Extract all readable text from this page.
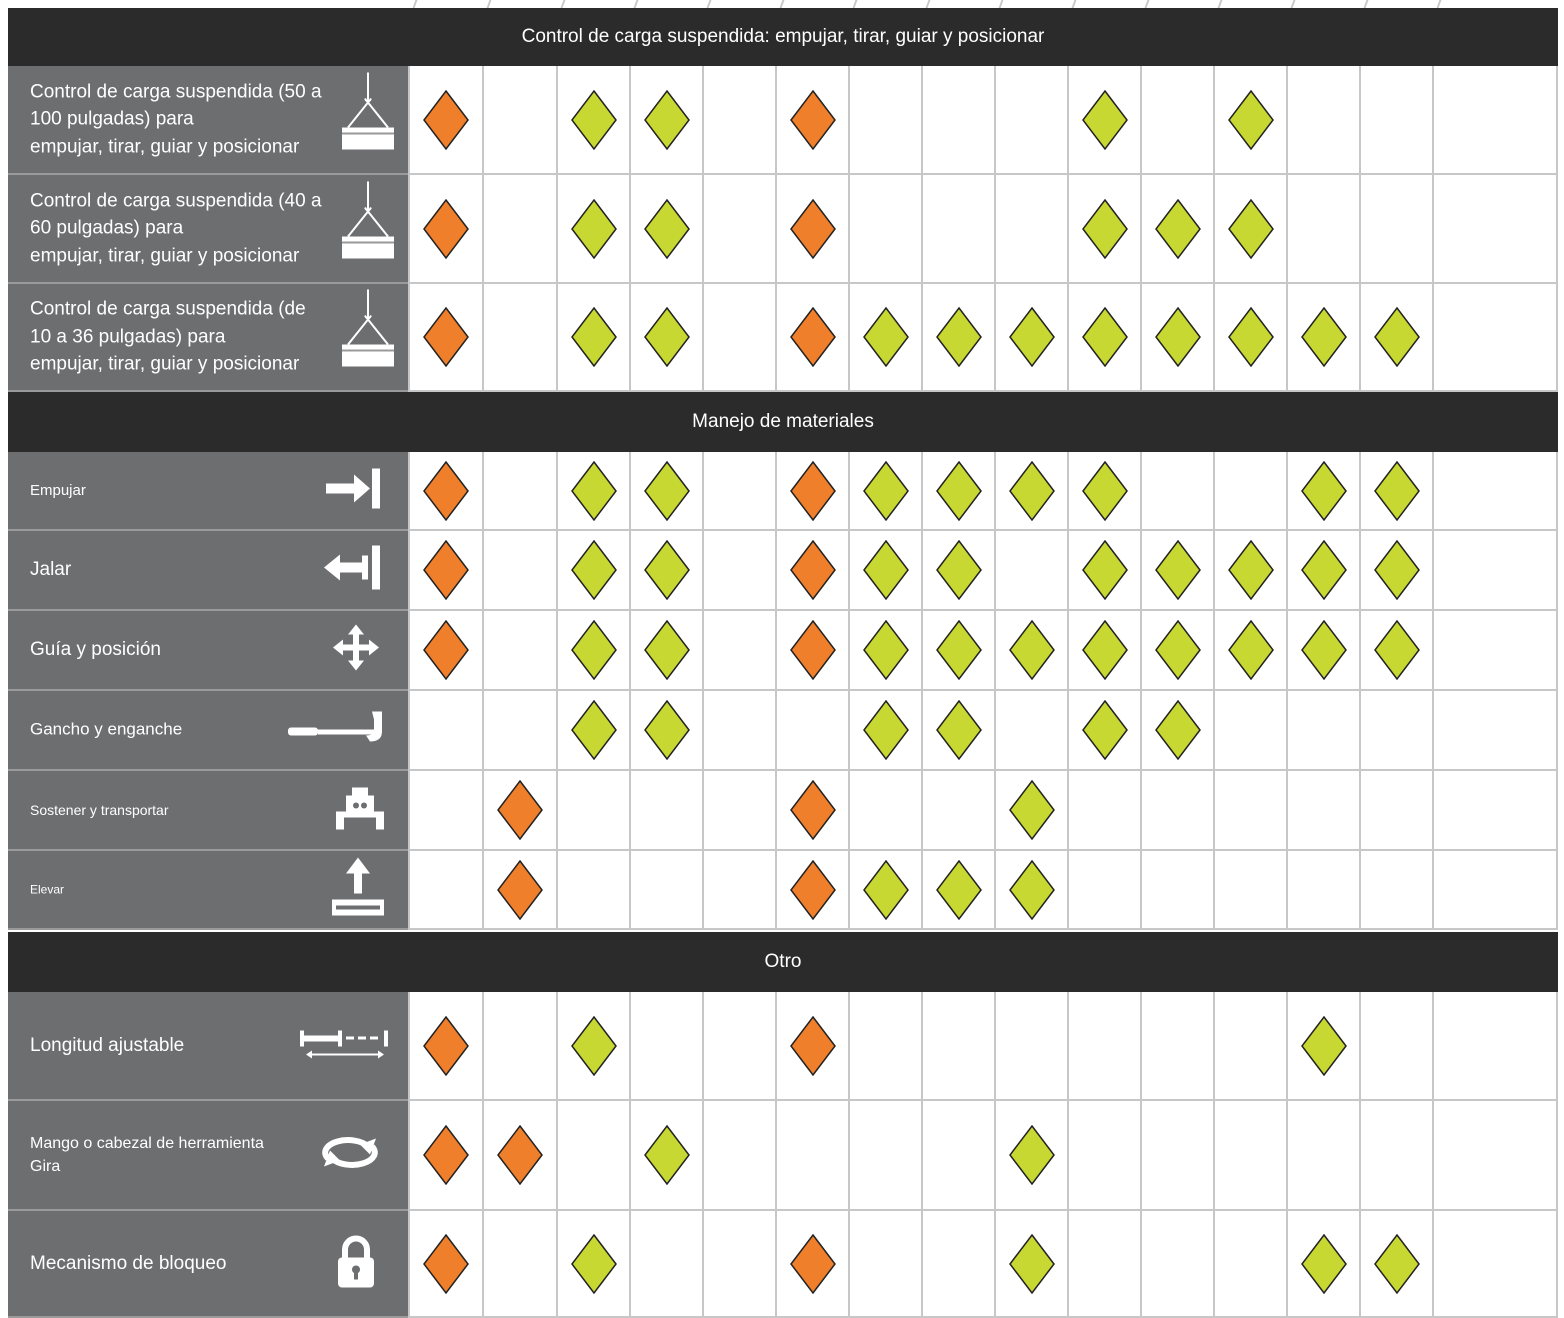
Control de carga suspendida: empujar, tirar, guiar y posicionar
Control de carga suspendida (50 a
100 pulgadas) para
empujar, tirar, guiar y posicionar
Control de carga suspendida (40 a
60 pulgadas) para
empujar, tirar, guiar y posicionar
Control de carga suspendida (de
10 a 36 pulgadas) para
empujar, tirar, guiar y posicionar
Manejo de materiales
Empujar
Jalar
Guía y posición
Gancho y enganche
Sostener y transportar
Elevar
Otro
Longitud ajustable
Mango o cabezal de herramienta
Gira
Mecanismo de bloqueo
